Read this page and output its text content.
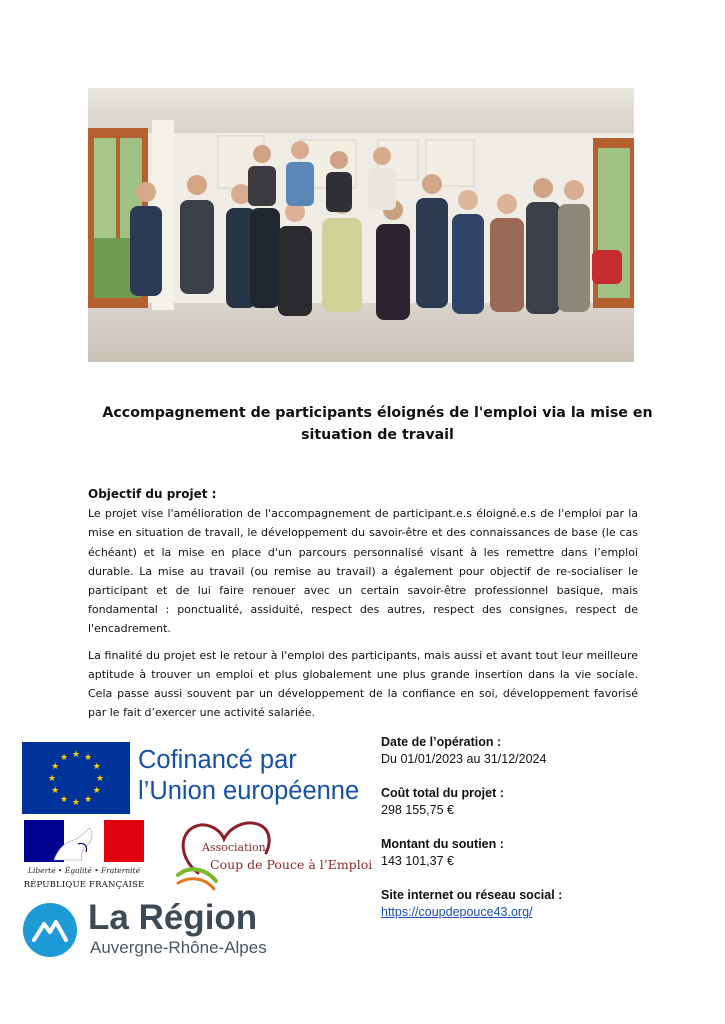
Accompagnement de participants éloignés de l'emploi via la mise en situation de travail
Objectif du projet :

Le projet vise l'amélioration de l'accompagnement de participant.e.s éloigné.e.s de l'emploi par la mise en situation de travail, le développement du savoir-être et des connaissances de base (le cas échéant) et la mise en place d'un parcours personnalisé visant à les remettre dans l’emploi durable. La mise au travail (ou remise au travail) a également pour objectif de re-socialiser le participant et de lui faire renouer avec un certain savoir-être professionnel basique, mais fondamental : ponctualité, assiduité, respect des autres, respect des consignes, respect de l'encadrement.

La finalité du projet est le retour à l'emploi des participants, mais aussi et avant tout leur meilleure aptitude à trouver un emploi et plus globalement une plus grande insertion dans la vie sociale. Cela passe aussi souvent par un développement de la confiance en soi, développement favorisé par le fait d’exercer une activité salariée.

★ ★
★
★
★
★
★
★
★
★
★
★	Cofinancé par
l’Union européenne
Liberté • Égalité • Fraternité
RÉPUBLIQUE FRANÇAISE
Association
Coup de Pouce à l’Emploi
La Région
Auvergne-Rhône-Alpes
Date de l’opération :
Du 01/01/2023 au 31/12/2024
Coût total du projet :
298 155,75 €
Montant du soutien :
143 101,37 €
Site internet ou réseau social :
https://coupdepouce43.org/
